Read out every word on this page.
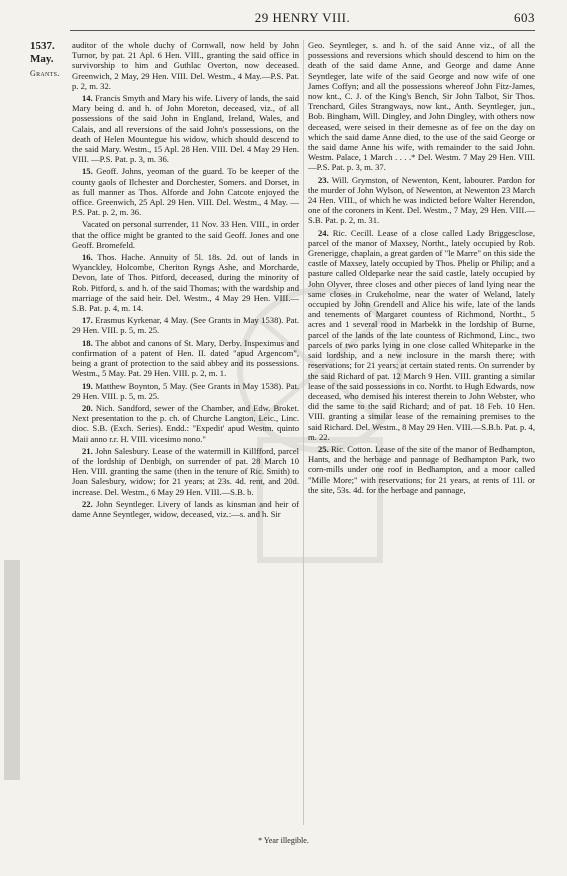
29 HENRY VIII.	603
1537.
May.
Grants.

auditor of the whole duchy of Cornwall, now held by John Turnor, by pat. 21 Apl. 6 Hen. VIII., granting the said office in survivorship to him and Guthlac Overton, now deceased. Greenwich, 2 May, 29 Hen. VIII. Del. Westm., 4 May.—P.S. Pat. p. 2, m. 32.

14. Francis Smyth and Mary his wife. Livery of lands, the said Mary being d. and h. of John Moreton, deceased, viz., of all possessions of the said John in England, Ireland, Wales, and Calais, and all reversions of the said John's possessions, on the death of Helen Mountegue his widow, which should descend to the said Mary. Westm., 15 Apl. 28 Hen. VIII. Del. 4 May 29 Hen. VIII. —P.S. Pat. p. 3, m. 36.

15. Geoff. Johns, yeoman of the guard. To be keeper of the county gaols of Ilchester and Dorchester, Somers. and Dorset, in as full manner as Thos. Alforde and John Catcote enjoyed the office. Greenwich, 25 Apl. 29 Hen. VIII. Del. Westm., 4 May. —P.S. Pat. p. 2, m. 36.

Vacated on personal surrender, 11 Nov. 33 Hen. VIII., in order that the office might be granted to the said Geoff. Jones and one Geoff. Bromefeld.

16. Thos. Hache. Annuity of 5l. 18s. 2d. out of lands in Wyanckley, Holcombe, Cheriton Ryngs Ashe, and Morcharde, Devon, late of Thos. Pitford, deceased, during the minority of Rob. Pitford, s. and h. of the said Thomas; with the wardship and marriage of the said heir. Del. Westm., 4 May 29 Hen. VIII.—S.B. Pat. p. 4, m. 14.

17. Erasmus Kyrkenar, 4 May. (See Grants in May 1538). Pat. 29 Hen. VIII. p. 5, m. 25.

18. The abbot and canons of St. Mary, Derby. Inspeximus and confirmation of a patent of Hen. II. dated "apud Argencom", being a grant of protection to the said abbey and its possessions. Westm., 5 May. Pat. 29 Hen. VIII. p. 2, m. 1.

19. Matthew Boynton, 5 May. (See Grants in May 1538). Pat. 29 Hen. VIII. p. 5, m. 25.

20. Nich. Sandford, sewer of the Chamber, and Edw. Broket. Next presentation to the p. ch. of Churche Langton, Leic., Linc. dioc. S.B. (Exch. Series). Endd.: "Expedit' apud Westm. quinto Maii anno r.r. H. VIII. vicesimo nono."

21. John Salesbury. Lease of the watermill in Killfford, parcel of the lordship of Denbigh, on surrender of pat. 28 March 10 Hen. VIII. granting the same (then in the tenure of Ric. Smith) to Joan Salesbury, widow; for 21 years; at 23s. 4d. rent, and 20d. increase. Del. Westm., 6 May 29 Hen. VIII.—S.B. b.

22. John Seyntleger. Livery of lands as kinsman and heir of dame Anne Seyntleger, widow, deceased, viz.:—s. and h. Sir

Geo. Seyntleger, s. and h. of the said Anne viz., of all the possessions and reversions which should descend to him on the death of the said dame Anne, and George and dame Anne Seyntleger, late wife of the said George and now wife of one James Coffyn; and all the possessions whereof John Fitz-James, now knt., C. J. of the King's Bench, Sir John Talbot, Sir Thos. Trenchard, Giles Strangways, now knt., Anth. Seyntleger, jun., Bob. Bingham, Will. Dingley, and John Dingley, with others now deceased, were seised in their demesne as of fee on the day on which the said dame Anne died, to the use of the said George or the said dame Anne his wife, with remainder to the said John. Westm. Palace, 1 March . . . .* Del. Westm. 7 May 29 Hen. VIII.—P.S. Pat. p. 3, m. 37.

23. Will. Grymston, of Newenton, Kent, labourer. Pardon for the murder of John Wylson, of Newenton, at Newenton 23 March 24 Hen. VIII., of which he was indicted before Walter Herendon, one of the coroners in Kent. Del. Westm., 7 May, 29 Hen. VIII.—S.B. Pat. p. 2, m. 31.

24. Ric. Cecill. Lease of a close called Lady Briggesclose, parcel of the manor of Maxsey, Northt., lately occupied by Rob. Grenerigge, chaplain, a great garden of "le Marre" on this side the castle of Maxsey, lately occupied by Thos. Phelip or Philip; and a pasture called Oldeparke near the said castle, lately occupied by John Olyver, three closes and other pieces of land lying near the same closes in Crukeholme, near the water of Weland, lately occupied by John Grendell and Alice his wife, late of the lands and tenements of Margaret countess of Richmond, Northt., 5 acres and 1 several rood in Marbekk in the lordship of Burne, parcel of the lands of the late countess of Richmond, Linc., two parcels of two parks lying in one close called Whiteparke in the said lordship, and a new inclosure in the marsh there; with reservations; for 21 years; at certain stated rents. On surrender by the said Richard of pat. 12 March 9 Hen. VIII. granting a similar lease of the said possessions in co. Northt. to Hugh Edwards, now deceased, who demised his interest therein to John Webster, who did the same to the said Richard; and of pat. 18 Feb. 10 Hen. VIII. granting a similar lease of the remaining premises to the said Richard. Del. Westm., 8 May 29 Hen. VIII.—S.B.b. Pat. p. 4, m. 22.

25. Ric. Cotton. Lease of the site of the manor of Bedhampton, Hants, and the herbage and pannage of Bedhampton Park, two corn-mills under one roof in Bedhampton, and a moor called "Mille More;" with reservations; for 21 years, at rents of 11l. or the site, 53s. 4d. for the herbage and pannage,

* Year illegible.
